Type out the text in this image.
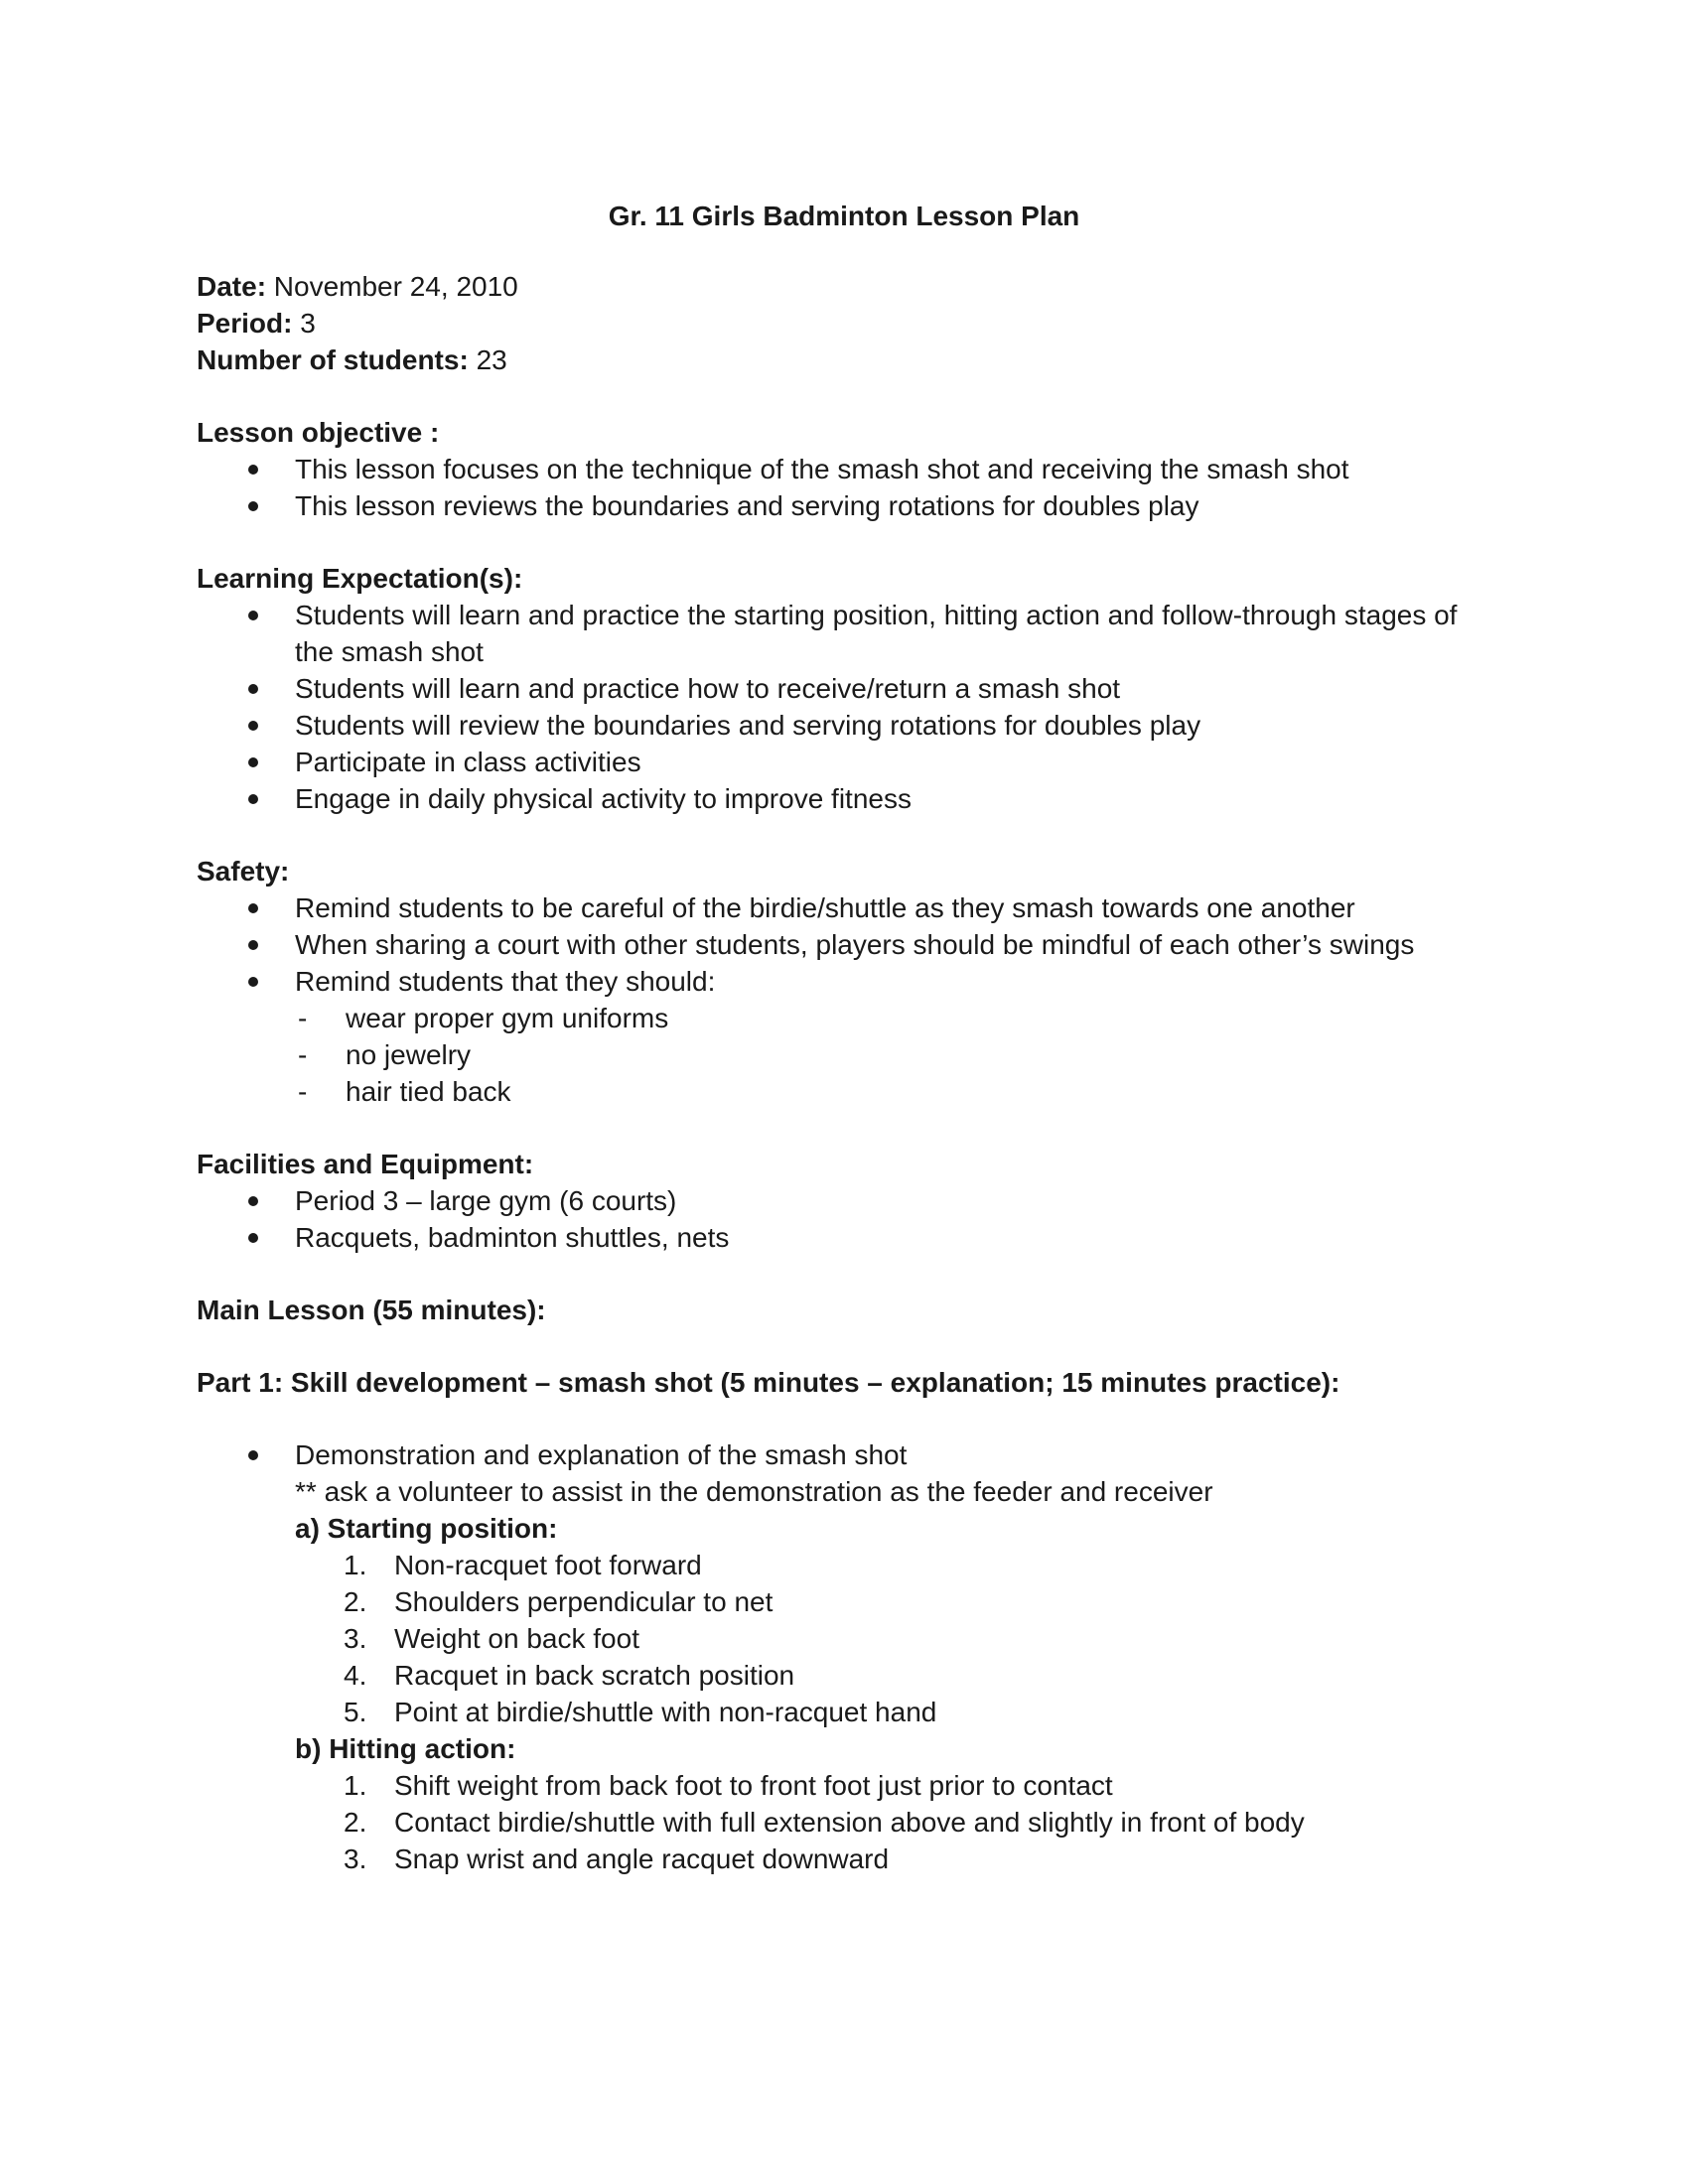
Gr. 11 Girls Badminton Lesson Plan

Date: November 24, 2010

Period: 3

Number of students: 23

Lesson objective :

This lesson focuses on the technique of the smash shot and receiving the smash shot
This lesson reviews the boundaries and serving rotations for doubles play

Learning Expectation(s):

Students will learn and practice the starting position, hitting action and follow-through stages of
the smash shot
Students will learn and practice how to receive/return a smash shot
Students will review the boundaries and serving rotations for doubles play
Participate in class activities
Engage in daily physical activity to improve fitness

Safety:

Remind students to be careful of the birdie/shuttle as they smash towards one another
When sharing a court with other students, players should be mindful of each other’s swings
Remind students that they should:
- wear proper gym uniforms
- no jewelry
- hair tied back

Facilities and Equipment:

Period 3 – large gym (6 courts)
Racquets, badminton shuttles, nets

Main Lesson (55 minutes):

Part 1: Skill development – smash shot (5 minutes – explanation; 15 minutes practice):

Demonstration and explanation of the smash shot

** ask a volunteer to assist in the demonstration as the feeder and receiver

a) Starting position:

1. Non-racquet foot forward
2. Shoulders perpendicular to net
3. Weight on back foot
4. Racquet in back scratch position
5. Point at birdie/shuttle with non-racquet hand

b) Hitting action:

1. Shift weight from back foot to front foot just prior to contact
2. Contact birdie/shuttle with full extension above and slightly in front of body
3. Snap wrist and angle racquet downward
